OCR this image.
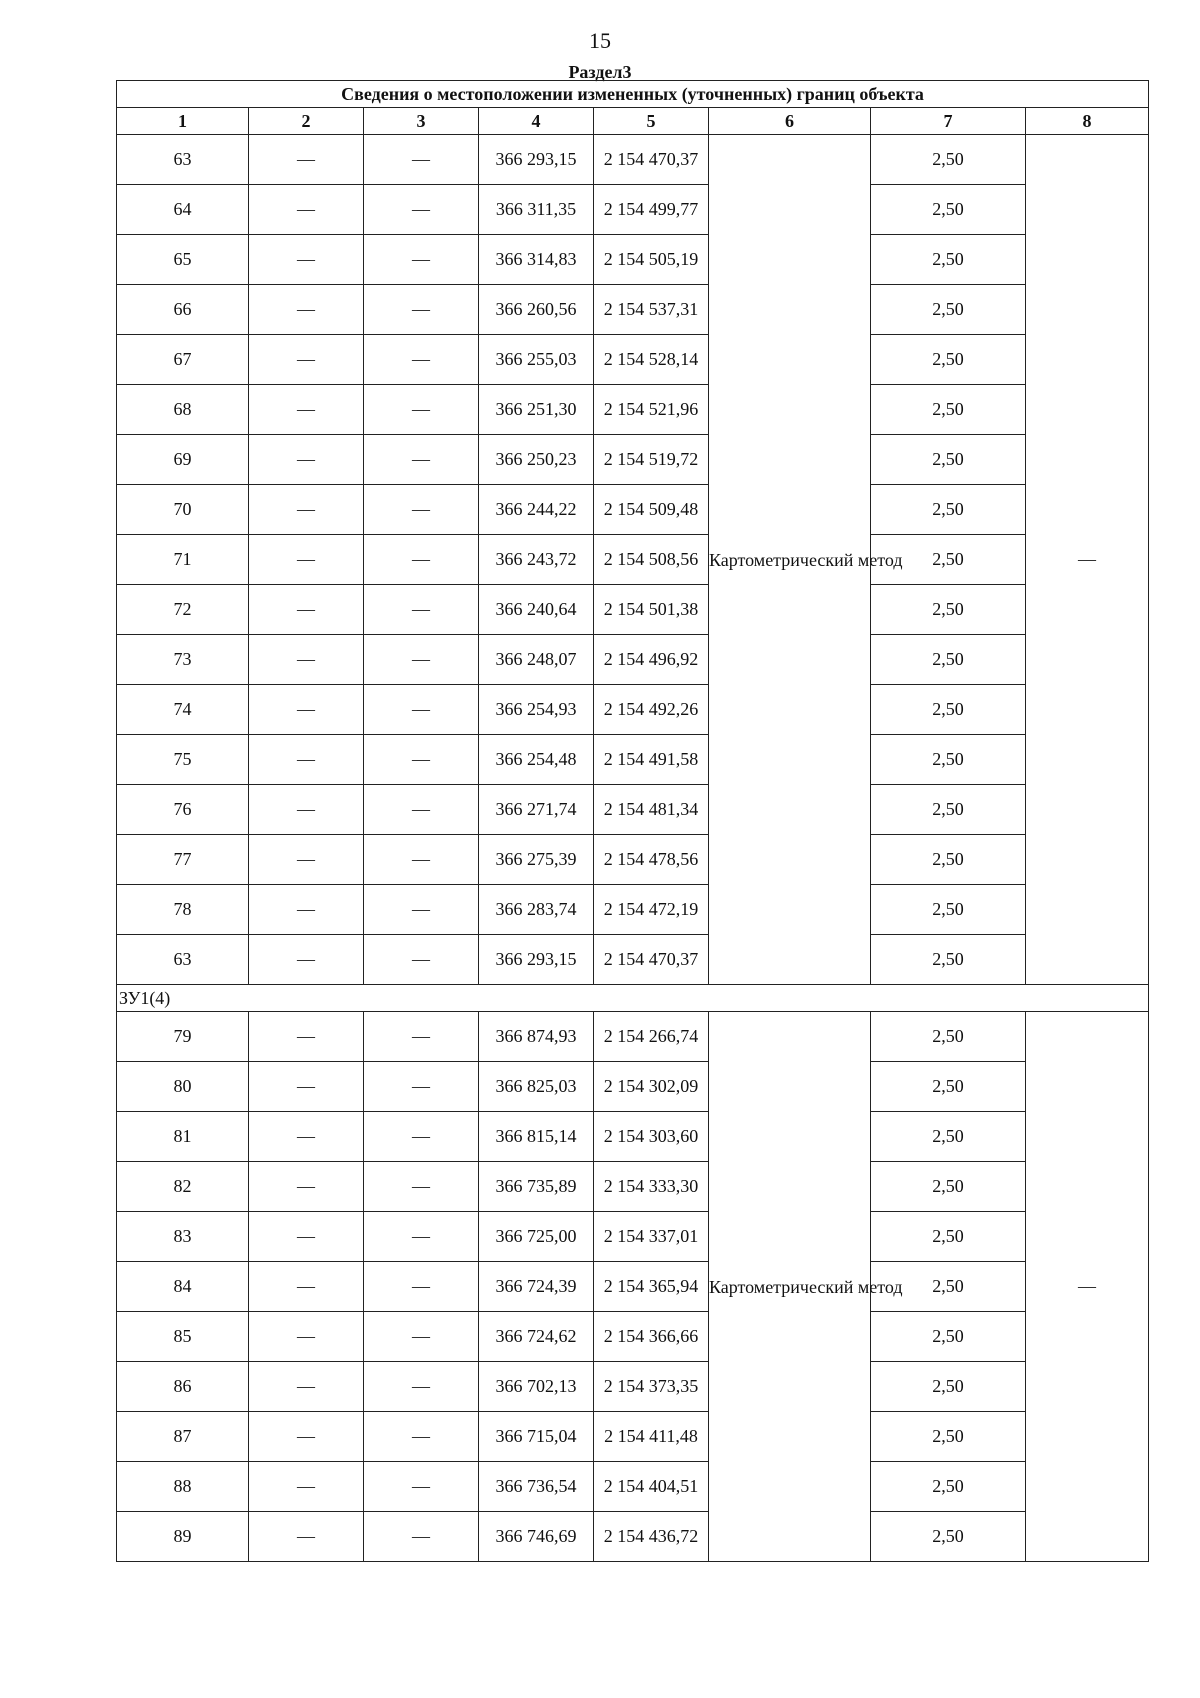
15
Раздел3
Сведения о местоположении измененных (уточненных) границ объекта							
1	2	3	4	5	6	7	8
63	—	—	366 293,15	2 154 470,37	Картометрический метод	2,50	—
64	—	—	366 311,35	2 154 499,77		2,50	
65	—	—	366 314,83	2 154 505,19		2,50	
66	—	—	366 260,56	2 154 537,31		2,50	
67	—	—	366 255,03	2 154 528,14		2,50	
68	—	—	366 251,30	2 154 521,96		2,50	
69	—	—	366 250,23	2 154 519,72		2,50	
70	—	—	366 244,22	2 154 509,48		2,50	
71	—	—	366 243,72	2 154 508,56		2,50	
72	—	—	366 240,64	2 154 501,38		2,50	
73	—	—	366 248,07	2 154 496,92		2,50	
74	—	—	366 254,93	2 154 492,26		2,50	
75	—	—	366 254,48	2 154 491,58		2,50	
76	—	—	366 271,74	2 154 481,34		2,50	
77	—	—	366 275,39	2 154 478,56		2,50	
78	—	—	366 283,74	2 154 472,19		2,50	
63	—	—	366 293,15	2 154 470,37		2,50	
ЗУ1(4)							
79	—	—	366 874,93	2 154 266,74	Картометрический метод	2,50	—
80	—	—	366 825,03	2 154 302,09		2,50	
81	—	—	366 815,14	2 154 303,60		2,50	
82	—	—	366 735,89	2 154 333,30		2,50	
83	—	—	366 725,00	2 154 337,01		2,50	
84	—	—	366 724,39	2 154 365,94		2,50	
85	—	—	366 724,62	2 154 366,66		2,50	
86	—	—	366 702,13	2 154 373,35		2,50	
87	—	—	366 715,04	2 154 411,48		2,50	
88	—	—	366 736,54	2 154 404,51		2,50	
89	—	—	366 746,69	2 154 436,72		2,50	
